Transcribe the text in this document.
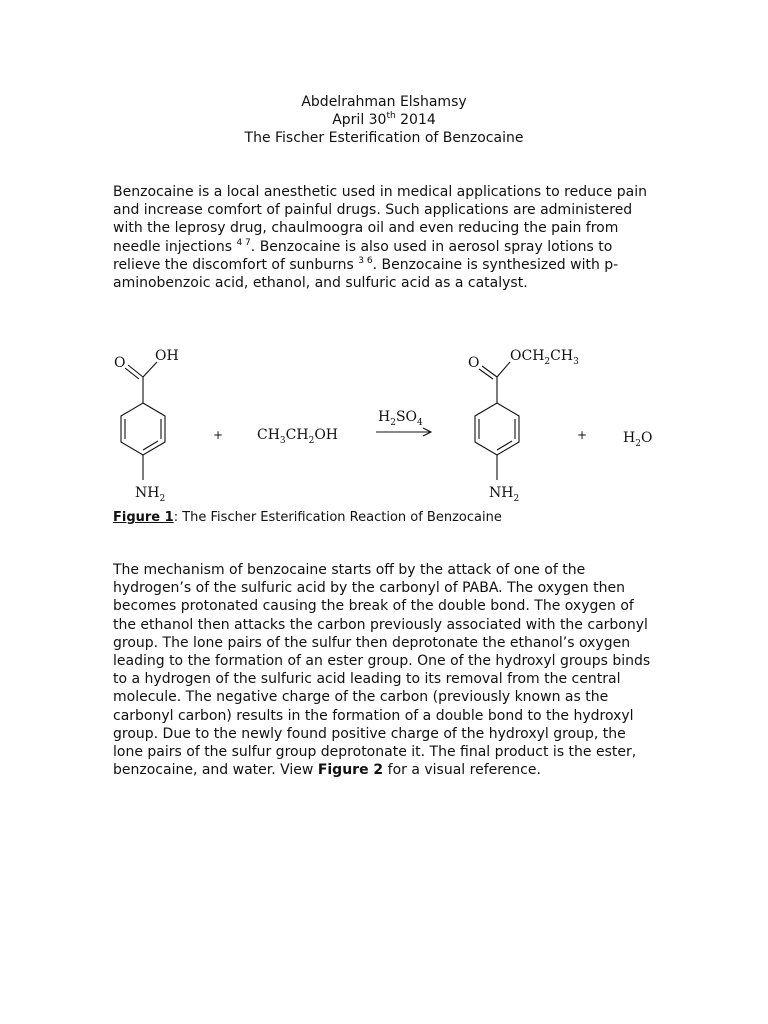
Abdelrahman Elshamsy
April 30th 2014
The Fischer Esterification of Benzocaine

Benzocaine is a local anesthetic used in medical applications to reduce pain and increase comfort of painful drugs. Such applications are administered with the leprosy drug, chaulmoogra oil and even reducing the pain from needle injections $^{4 7}$. Benzocaine is also used in aerosol spray lotions to relieve the discomfort of sunburns $^{3 6}$. Benzocaine is synthesized with p-aminobenzoic acid, ethanol, and sulfuric acid as a catalyst.

O OH
$NH_2$
+ $CH_3CH_2OH$
$H_2SO_4$
O $OCH_2CH_3$
$NH_2$
+	$H_2O$
Figure 1: The Fischer Esterification Reaction of Benzocaine

The mechanism of benzocaine starts off by the attack of one of the hydrogen’s of the sulfuric acid by the carbonyl of PABA. The oxygen then becomes protonated causing the break of the double bond. The oxygen of the ethanol then attacks the carbon previously associated with the carbonyl group. The lone pairs of the sulfur then deprotonate the ethanol’s oxygen leading to the formation of an ester group. One of the hydroxyl groups binds to a hydrogen of the sulfuric acid leading to its removal from the central molecule. The negative charge of the carbon (previously known as the carbonyl carbon) results in the formation of a double bond to the hydroxyl group. Due to the newly found positive charge of the hydroxyl group, the lone pairs of the sulfur group deprotonate it. The final product is the ester, benzocaine, and water. View Figure 2 for a visual reference.
